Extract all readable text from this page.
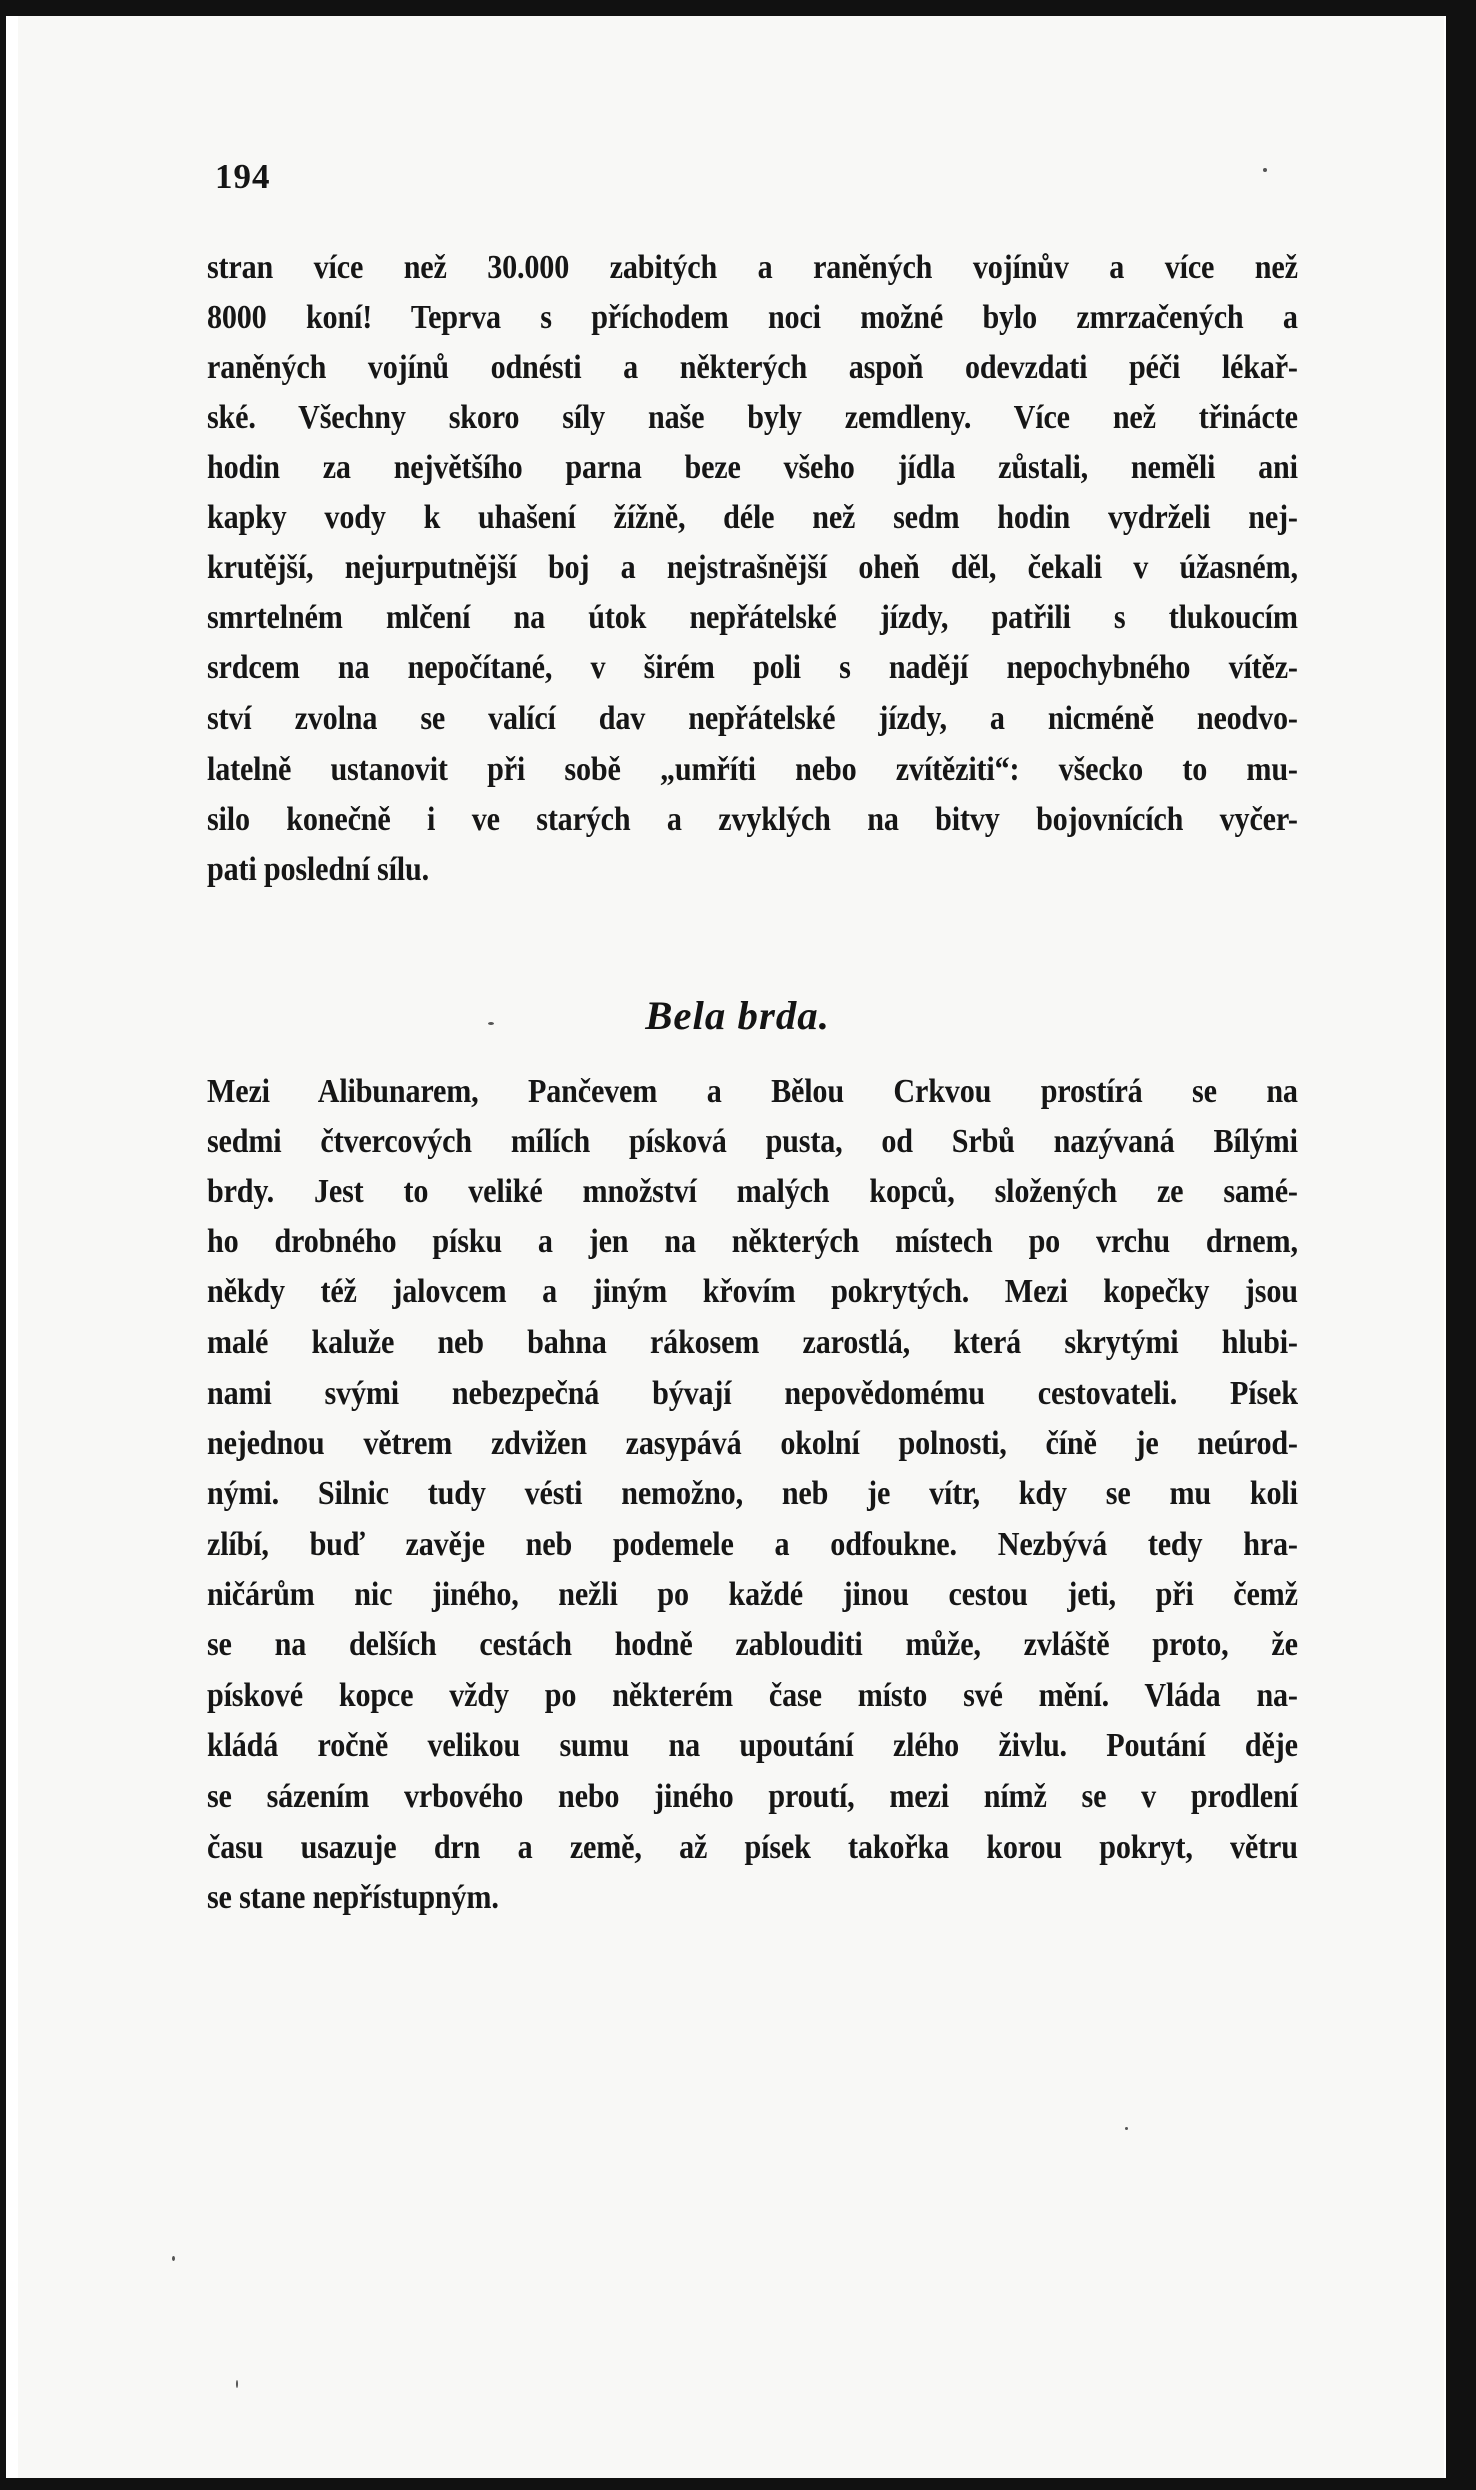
194
stran více než 30.000 zabitých a raněných vojínův a více než
8000 koní! Teprva s příchodem noci možné bylo zmrzačených a
raněných vojínů odnésti a některých aspoň odevzdati péči lékař-
ské. Všechny skoro síly naše byly zemdleny. Více než třinácte
hodin za největšího parna beze všeho jídla zůstali, neměli ani
kapky vody k uhašení žížně, déle než sedm hodin vydrželi nej-
krutější, nejurputnější boj a nejstrašnější oheň děl, čekali v úžasném,
smrtelném mlčení na útok nepřátelské jízdy, patřili s tlukoucím
srdcem na nepočítané, v širém poli s nadějí nepochybného vítěz-
ství zvolna se valící dav nepřátelské jízdy, a nicméně neodvo-
latelně ustanovit při sobě „umříti nebo zvítěziti“: všecko to mu-
silo konečně i ve starých a zvyklých na bitvy bojovnících vyčer-
pati poslední sílu.
Bela brda.
Mezi Alibunarem, Pančevem a Bělou Crkvou prostírá se na
sedmi čtvercových mílích písková pusta, od Srbů nazývaná Bílými
brdy. Jest to veliké množství malých kopců, složených ze samé-
ho drobného písku a jen na některých místech po vrchu drnem,
někdy též jalovcem a jiným křovím pokrytých. Mezi kopečky jsou
malé kaluže neb bahna rákosem zarostlá, která skrytými hlubi-
nami svými nebezpečná bývají nepovědomému cestovateli. Písek
nejednou větrem zdvižen zasypává okolní polnosti, číně je neúrod-
nými. Silnic tudy vésti nemožno, neb je vítr, kdy se mu koli
zlíbí, buď zavěje neb podemele a odfoukne. Nezbývá tedy hra-
ničárům nic jiného, nežli po každé jinou cestou jeti, při čemž
se na delších cestách hodně zablouditi může, zvláště proto, že
pískové kopce vždy po některém čase místo své mění. Vláda na-
kládá ročně velikou sumu na upoutání zlého živlu. Poutání děje
se sázením vrbového nebo jiného proutí, mezi nímž se v prodlení
času usazuje drn a země, až písek takořka korou pokryt, větru
se stane nepřístupným.
